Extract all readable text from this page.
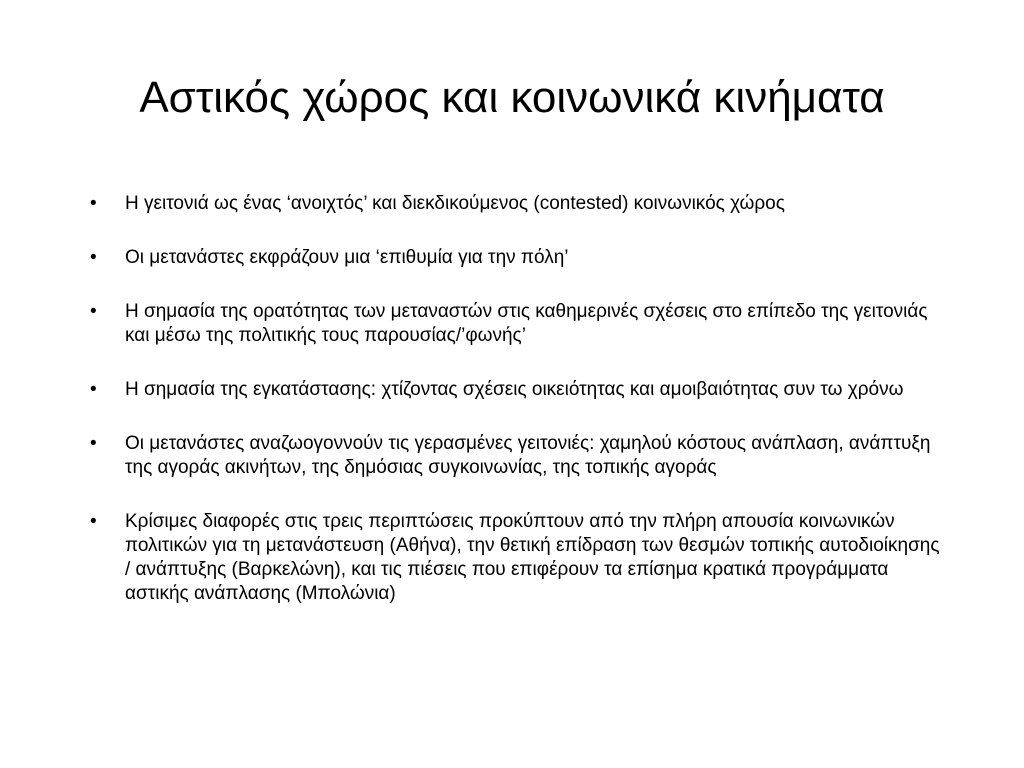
Αστικός χώρος και κοινωνικά κινήματα
•	Η γειτονιά ως ένας ‘ανοιχτός’ και διεκδικούμενος (contested) κοινωνικός χώρος
•	Οι μετανάστες εκφράζουν μια ‘επιθυμία για την πόλη’
•	Η σημασία της ορατότητας των μεταναστών στις καθημερινές σχέσεις στο επίπεδο της γειτονιάς και μέσω της πολιτικής τους παρουσίας/’φωνής’
•	Η σημασία της εγκατάστασης: χτίζοντας σχέσεις οικειότητας και αμοιβαιότητας συν τω χρόνω
•	Οι μετανάστες αναζωογοννούν τις γερασμένες γειτονιές: χαμηλού κόστους ανάπλαση, ανάπτυξη της αγοράς ακινήτων, της δημόσιας συγκοινωνίας, της τοπικής αγοράς
•	Κρίσιμες διαφορές στις τρεις περιπτώσεις προκύπτουν από την πλήρη απουσία κοινωνικών πολιτικών για τη μετανάστευση (Αθήνα), την θετική επίδραση των θεσμών τοπικής αυτοδιοίκησης / ανάπτυξης (Βαρκελώνη), και τις πιέσεις που επιφέρουν τα επίσημα κρατικά προγράμματα αστικής ανάπλασης (Μπολώνια)
